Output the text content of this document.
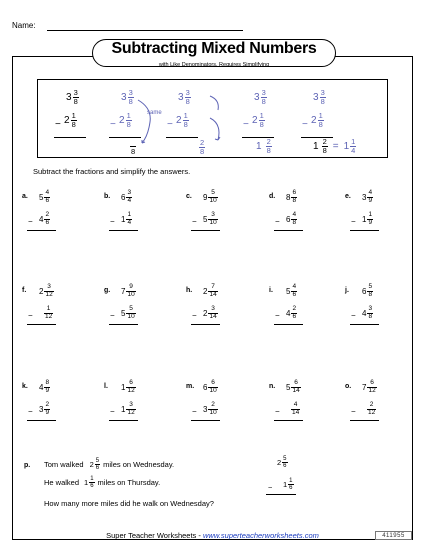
Name:
Subtracting Mixed Numbers
with Like Denominators, Requires Simplifying
$3 \frac{3}{8}$
− $2 \frac{1}{8}$
$3 \frac{3}{8}$
− $2 \frac{1}{8}$
$3 \frac{3}{8}$
− $2 \frac{1}{8}$
$3 \frac{3}{8}$
− $2 \frac{1}{8}$
$3 \frac{3}{8}$
− $2 \frac{1}{8}$
same
8	$\frac{2}{8}$	$1 \frac{2}{8}$	$1 \frac{2}{8} = 1 \frac{1}{4}$
Subtract the fractions and simplify the answers.
a. $5 \frac{4}{6}$
− $4 \frac{2}{6}$
b. $6 \frac{3}{4}$
− $1 \frac{1}{4}$
c. $9 \frac{5}{10}$
− $5 \frac{3}{10}$
d. $8 \frac{6}{8}$
− $6 \frac{4}{8}$
e. $3 \frac{4}{9}$
− $1 \frac{1}{9}$
f. $2 \frac{3}{12}$
− $\frac{1}{12}$
g. $7 \frac{9}{10}$
− $5 \frac{5}{10}$
h. $2 \frac{7}{14}$
− $2 \frac{3}{14}$
i. $5 \frac{4}{6}$
− $4 \frac{2}{6}$
j. $6 \frac{5}{8}$
− $4 \frac{3}{8}$
k. $4 \frac{8}{9}$
− $3 \frac{2}{9}$
l. $1 \frac{6}{12}$
− $1 \frac{3}{12}$
m. $6 \frac{6}{10}$
− $3 \frac{2}{10}$
n. $5 \frac{6}{14}$
− $\frac{4}{14}$
o. $7 \frac{6}{12}$
− $\frac{2}{12}$
p. Tom walked $2 \frac{5}{6}$ miles on Wednesday.
He walked $1 \frac{1}{6}$ miles on Thursday.
How many more miles did he walk on Wednesday?
$2 \frac{5}{6}$
− $1 \frac{1}{6}$
Super Teacher Worksheets - www.superteacherworksheets.com	411955
